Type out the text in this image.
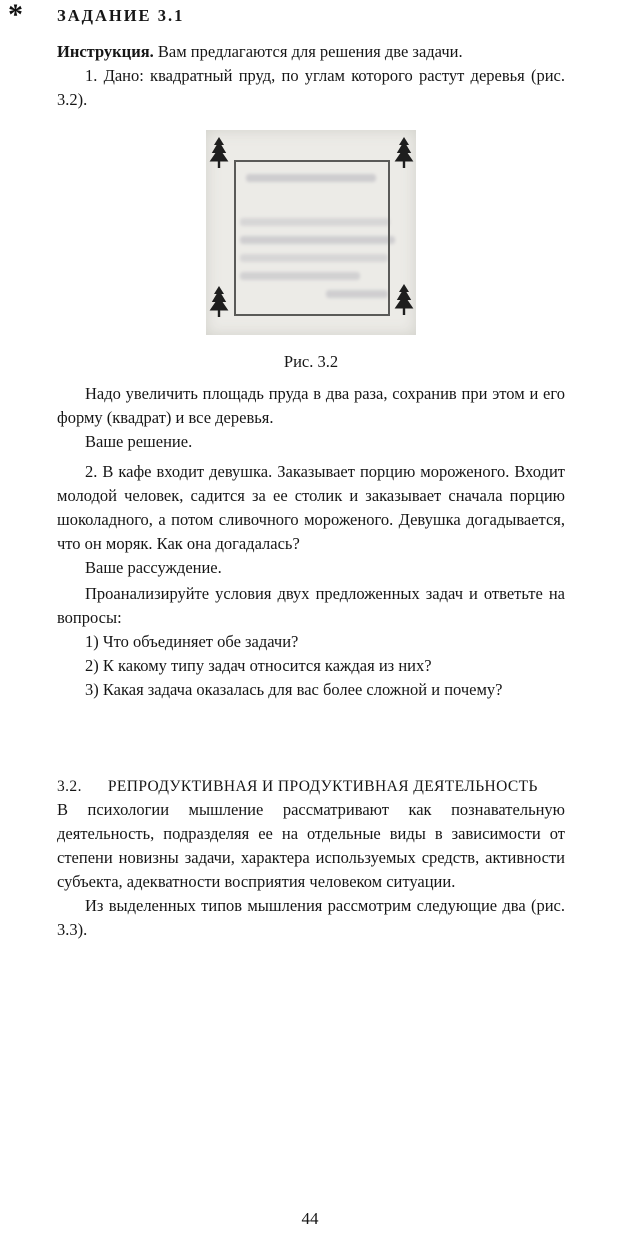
* ЗАДАНИЕ 3.1

Инструкция. Вам предлагаются для решения две задачи.

1. Дано: квадратный пруд, по углам которого растут деревья (рис. 3.2).

Рис. 3.2

Надо увеличить площадь пруда в два раза, сохранив при этом и его форму (квадрат) и все деревья.

Ваше решение.

2. В кафе входит девушка. Заказывает порцию мороженого. Входит молодой человек, садится за ее столик и заказывает сначала порцию шоколадного, а потом сливочного мороженого. Девушка догадывается, что он моряк. Как она догадалась?

Ваше рассуждение.

Проанализируйте условия двух предложенных задач и ответьте на вопросы:

1) Что объединяет обе задачи?

2) К какому типу задач относится каждая из них?

3) Какая задача оказалась для вас более сложной и почему?

3.2. РЕПРОДУКТИВНАЯ И ПРОДУКТИВНАЯ ДЕЯТЕЛЬНОСТЬ

В психологии мышление рассматривают как познавательную деятельность, подразделяя ее на отдельные виды в зависимости от степени новизны задачи, характера используемых средств, активности субъекта, адекватности восприятия человеком ситуации.

Из выделенных типов мышления рассмотрим следующие два (рис. 3.3).

44
